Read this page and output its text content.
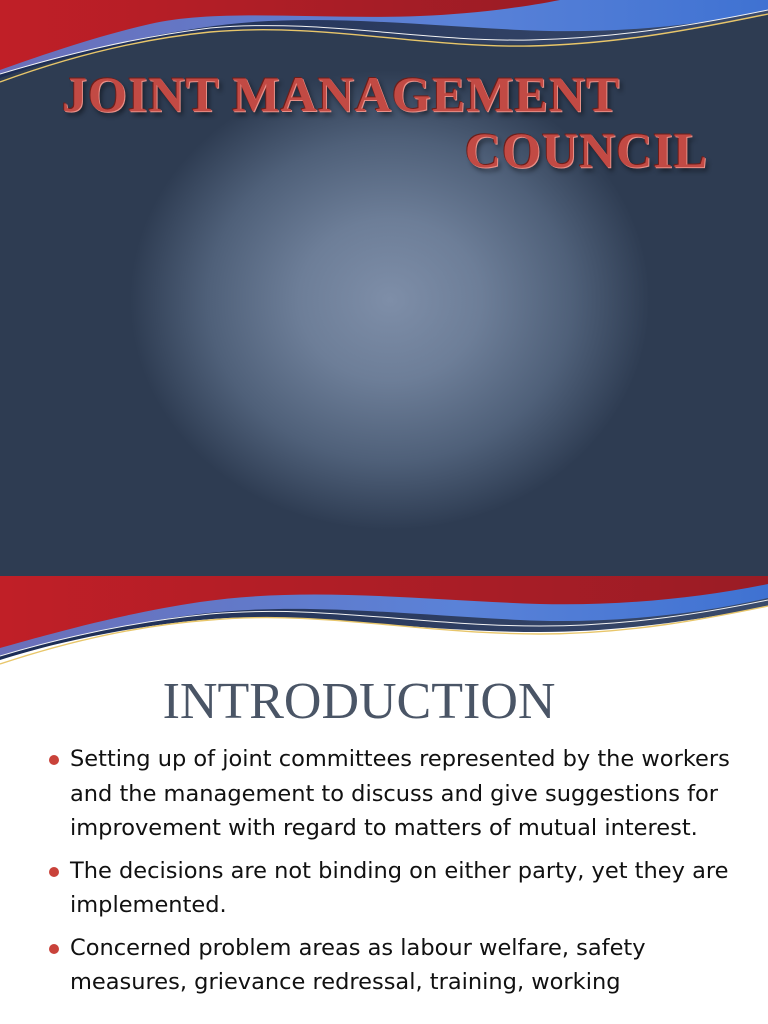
JOINT MANAGEMENT
COUNCIL
INTRODUCTION
Setting up of joint committees represented by the workers and the management to discuss and give suggestions for improvement with regard to matters of mutual interest.
The decisions are not binding on either party, yet they are implemented.
Concerned problem areas as labour welfare, safety measures, grievance redressal, training, working
